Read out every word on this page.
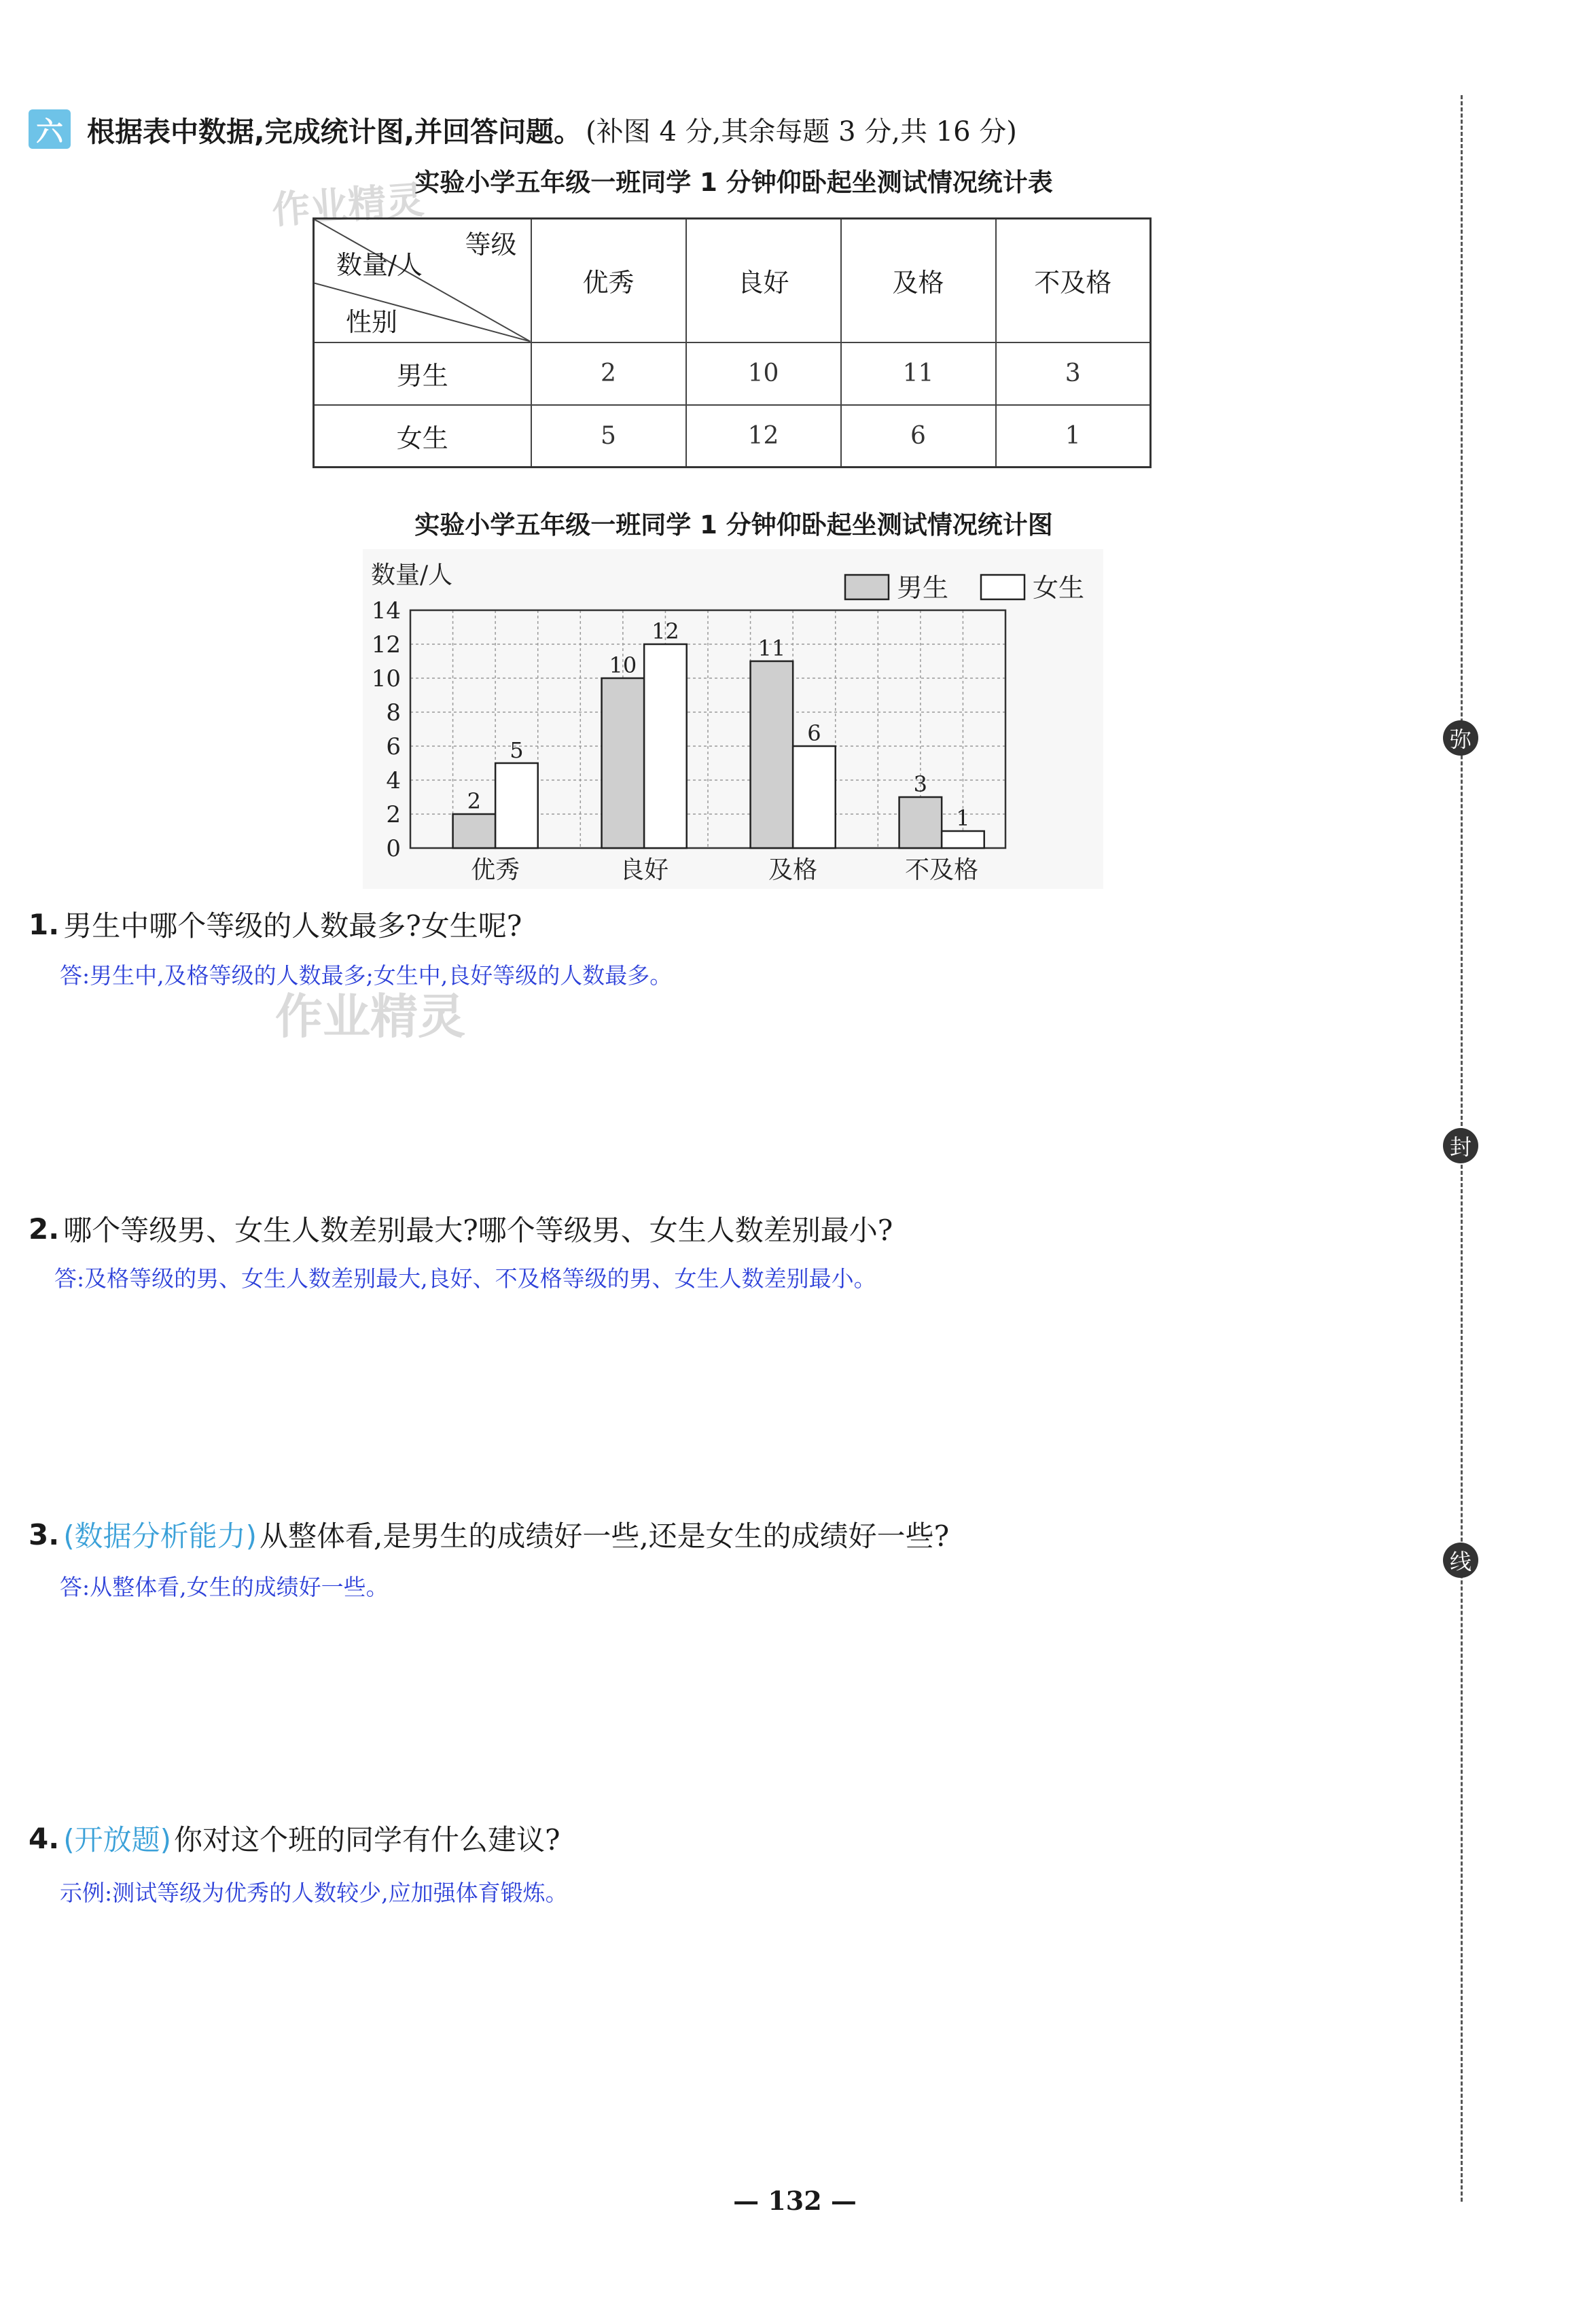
六 根据表中数据,完成统计图,并回答问题。 (补图 4 分,其余每题 3 分,共 16 分)
实验小学五年级一班同学 1 分钟仰卧起坐测试情况统计表
作业精灵
等级
数量/人
性别	优秀	良好	及格	不及格
男生	2	10	11	3
女生	5	12	6	1
实验小学五年级一班同学 1 分钟仰卧起坐测试情况统计图
0
2
4
6
8
10
12
14
数量/人
2
5
优秀
10
12
良好
11
6
及格
3
1
不及格
男生	女生
1. 男生中哪个等级的人数最多?女生呢?
答:男生中,及格等级的人数最多;女生中,良好等级的人数最多。
作业精灵
2. 哪个等级男、女生人数差别最大?哪个等级男、女生人数差别最小?
答:及格等级的男、女生人数差别最大,良好、不及格等级的男、女生人数差别最小。
3. (数据分析能力) 从整体看,是男生的成绩好一些,还是女生的成绩好一些?
答:从整体看,女生的成绩好一些。
4. (开放题) 你对这个班的同学有什么建议?
示例:测试等级为优秀的人数较少,应加强体育锻炼。
弥
封
线
— 132 —
